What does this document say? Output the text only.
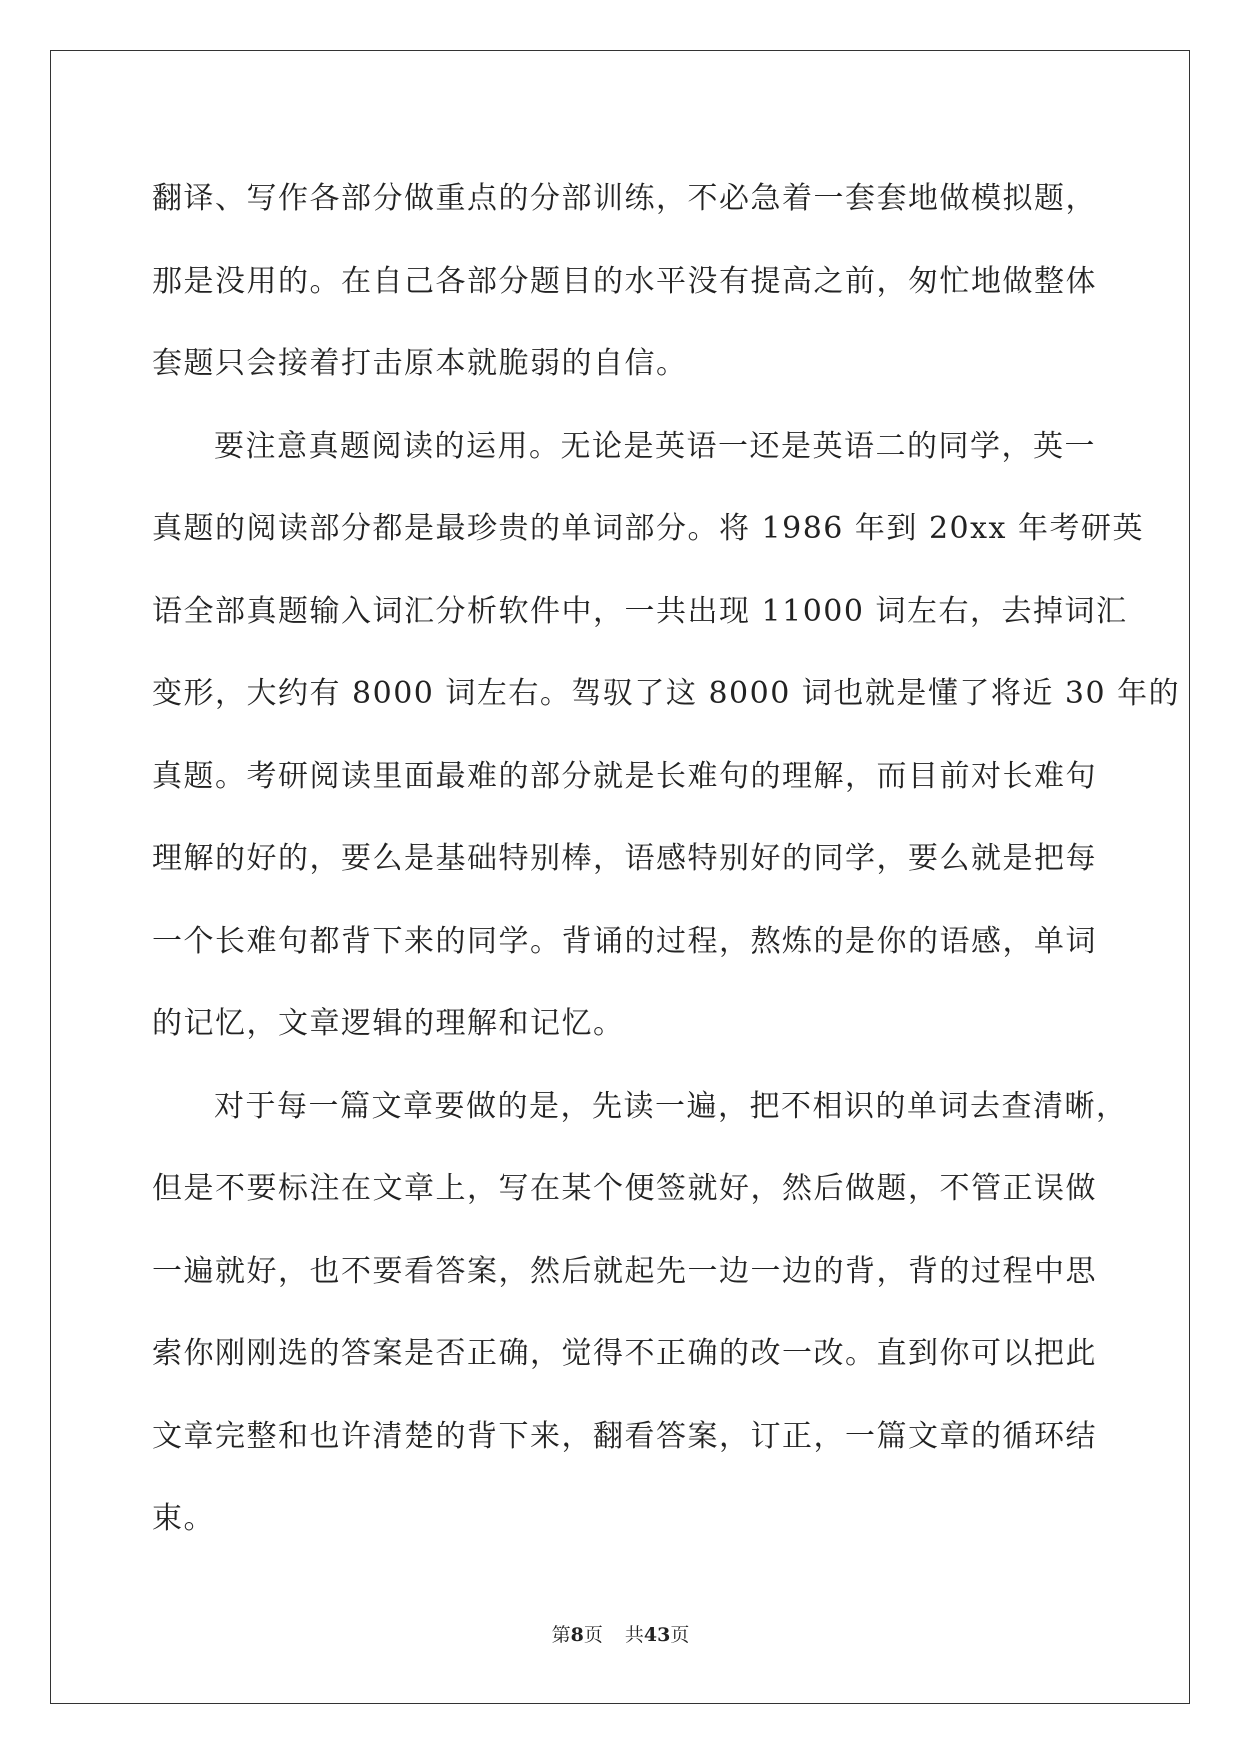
翻译、写作各部分做重点的分部训练，不必急着一套套地做模拟题，
那是没用的。在自己各部分题目的水平没有提高之前，匆忙地做整体
套题只会接着打击原本就脆弱的自信。

要注意真题阅读的运用。无论是英语一还是英语二的同学，英一
真题的阅读部分都是最珍贵的单词部分。将 1986 年到 20xx 年考研英
语全部真题输入词汇分析软件中，一共出现 11000 词左右，去掉词汇
变形，大约有 8000 词左右。驾驭了这 8000 词也就是懂了将近 30 年的
真题。考研阅读里面最难的部分就是长难句的理解，而目前对长难句
理解的好的，要么是基础特别棒，语感特别好的同学，要么就是把每
一个长难句都背下来的同学。背诵的过程，熬炼的是你的语感，单词
的记忆，文章逻辑的理解和记忆。

对于每一篇文章要做的是，先读一遍，把不相识的单词去查清晰，
但是不要标注在文章上，写在某个便签就好，然后做题，不管正误做
一遍就好，也不要看答案，然后就起先一边一边的背，背的过程中思
索你刚刚选的答案是否正确，觉得不正确的改一改。直到你可以把此
文章完整和也许清楚的背下来，翻看答案，订正，一篇文章的循环结
束。

第8页 共43页
